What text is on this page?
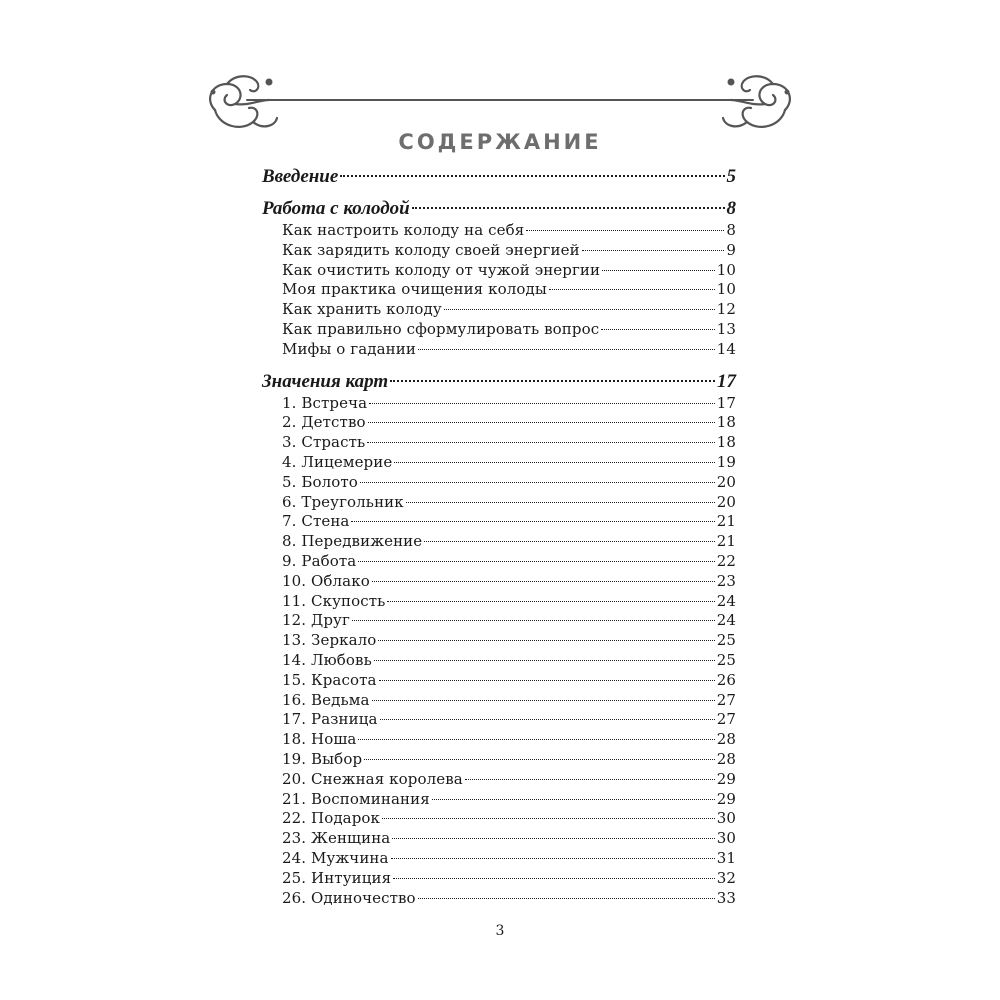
СОДЕРЖАНИЕ
Введение	5
Работа с колодой	8
Как настроить колоду на себя	8
Как зарядить колоду своей энергией	9
Как очистить колоду от чужой энергии	10
Моя практика очищения колоды	10
Как хранить колоду	12
Как правильно сформулировать вопрос	13
Мифы о гадании	14
Значения карт	17
1. Встреча	17
2. Детство	18
3. Страсть	18
4. Лицемерие	19
5. Болото	20
6. Треугольник	20
7. Стена	21
8. Передвижение	21
9. Работа	22
10. Облако	23
11. Скупость	24
12. Друг	24
13. Зеркало	25
14. Любовь	25
15. Красота	26
16. Ведьма	27
17. Разница	27
18. Ноша	28
19. Выбор	28
20. Снежная королева	29
21. Воспоминания	29
22. Подарок	30
23. Женщина	30
24. Мужчина	31
25. Интуиция	32
26. Одиночество	33
3
